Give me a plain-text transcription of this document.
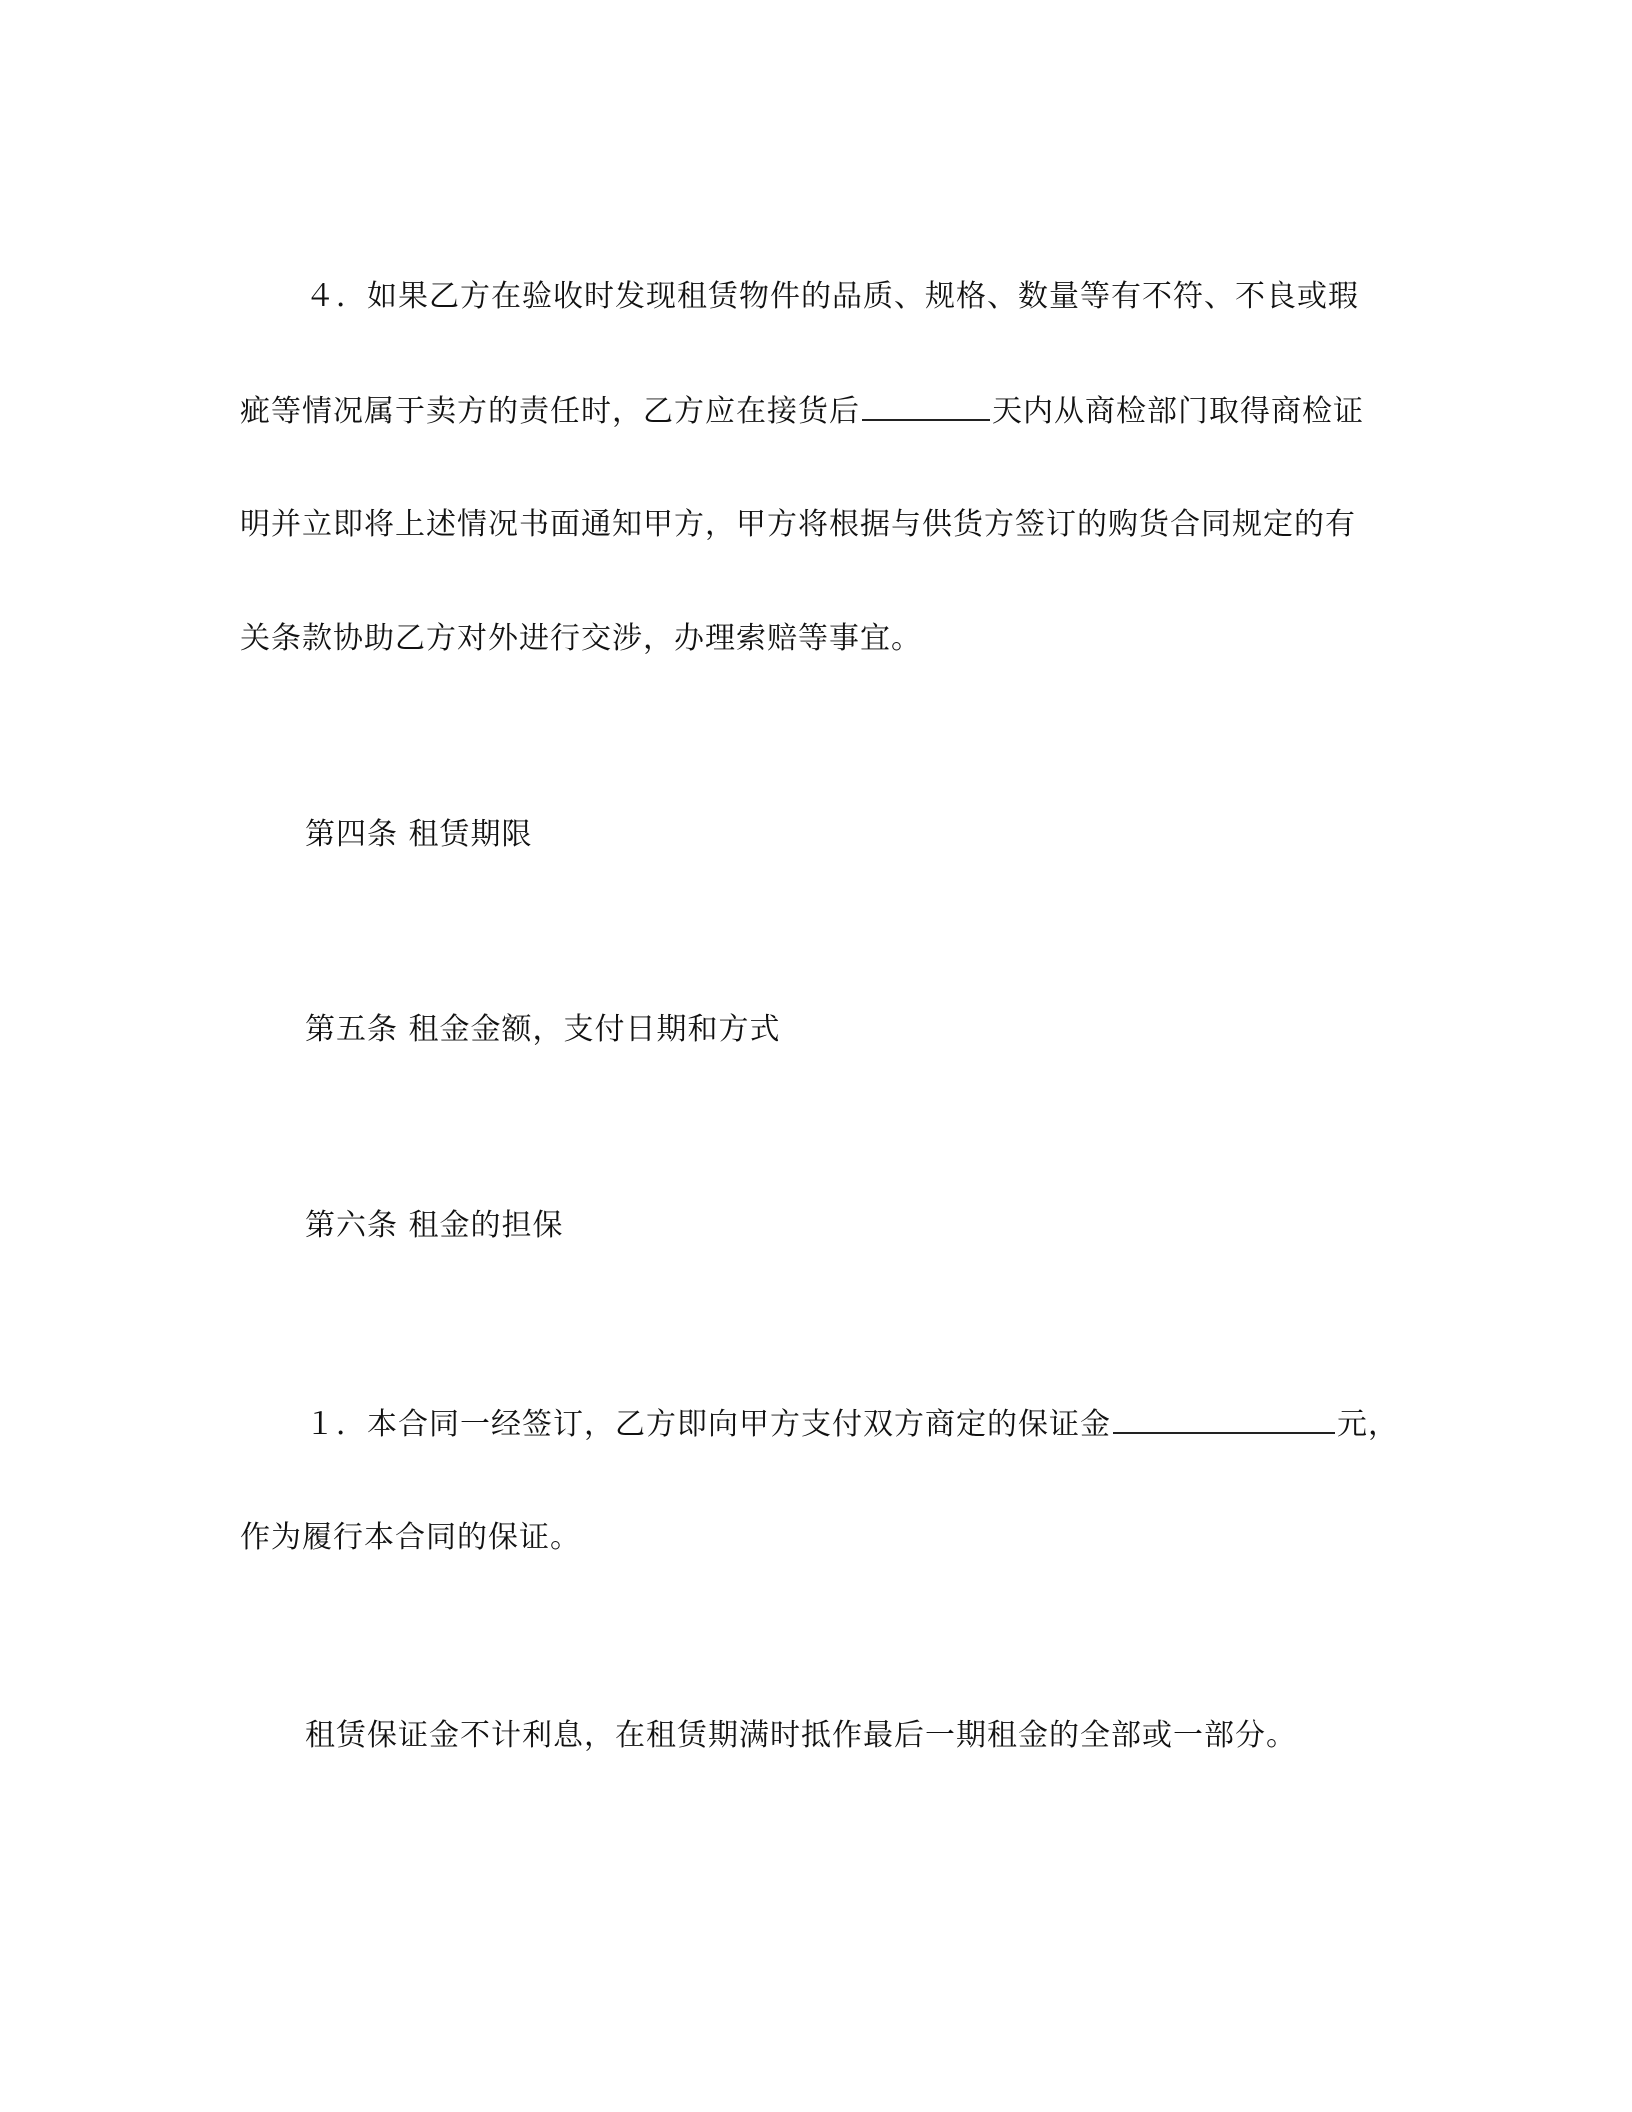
４．如果乙方在验收时发现租赁物件的品质、规格、数量等有不符、不良或瑕
疵等情况属于卖方的责任时，乙方应在接货后	天内从商检部门取得商检证
明并立即将上述情况书面通知甲方，甲方将根据与供货方签订的购货合同规定的有
关条款协助乙方对外进行交涉，办理索赔等事宜。
第四条 租赁期限
第五条 租金金额，支付日期和方式
第六条 租金的担保
１．本合同一经签订，乙方即向甲方支付双方商定的保证金	元，
作为履行本合同的保证。
租赁保证金不计利息，在租赁期满时抵作最后一期租金的全部或一部分。
